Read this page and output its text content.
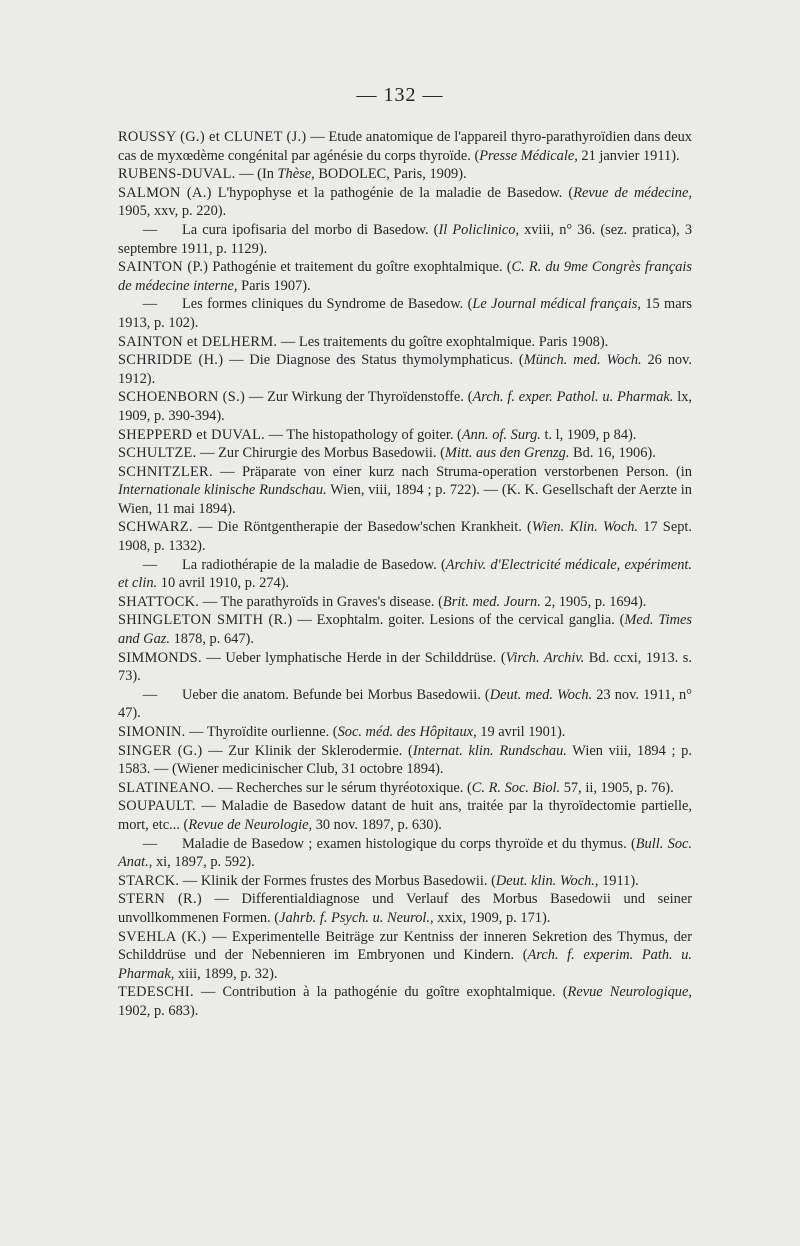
— 132 —

ROUSSY (G.) et CLUNET (J.) — Etude anatomique de l'appareil thyro-parathyroïdien dans deux cas de myxœdème congénital par agénésie du corps thyroïde. (Presse Médicale, 21 janvier 1911).

RUBENS-DUVAL. — (In Thèse, BODOLEC, Paris, 1909).

SALMON (A.) L'hypophyse et la pathogénie de la maladie de Basedow. (Revue de médecine, 1905, xxv, p. 220).

— La cura ipofisaria del morbo di Basedow. (Il Policlinico, xviii, n° 36. (sez. pratica), 3 septembre 1911, p. 1129).

SAINTON (P.) Pathogénie et traitement du goître exophtalmique. (C. R. du 9me Congrès français de médecine interne, Paris 1907).

— Les formes cliniques du Syndrome de Basedow. (Le Journal médical français, 15 mars 1913, p. 102).

SAINTON et DELHERM. — Les traitements du goître exophtalmique. Paris 1908).

SCHRIDDE (H.) — Die Diagnose des Status thymolymphaticus. (Münch. med. Woch. 26 nov. 1912).

SCHOENBORN (S.) — Zur Wirkung der Thyroïdenstoffe. (Arch. f. exper. Pathol. u. Pharmak. lx, 1909, p. 390-394).

SHEPPERD et DUVAL. — The histopathology of goiter. (Ann. of. Surg. t. l, 1909, p 84).

SCHULTZE. — Zur Chirurgie des Morbus Basedowii. (Mitt. aus den Grenzg. Bd. 16, 1906).

SCHNITZLER. — Präparate von einer kurz nach Struma-operation verstorbenen Person. (in Internationale klinische Rundschau. Wien, viii, 1894 ; p. 722). — (K. K. Gesellschaft der Aerzte in Wien, 11 mai 1894).

SCHWARZ. — Die Röntgentherapie der Basedow'schen Krankheit. (Wien. Klin. Woch. 17 Sept. 1908, p. 1332).

— La radiothérapie de la maladie de Basedow. (Archiv. d'Electricité médicale, expériment. et clin. 10 avril 1910, p. 274).

SHATTOCK. — The parathyroïds in Graves's disease. (Brit. med. Journ. 2, 1905, p. 1694).

SHINGLETON SMITH (R.) — Exophtalm. goiter. Lesions of the cervical ganglia. (Med. Times and Gaz. 1878, p. 647).

SIMMONDS. — Ueber lymphatische Herde in der Schilddrüse. (Virch. Archiv. Bd. ccxi, 1913. s. 73).

— Ueber die anatom. Befunde bei Morbus Basedowii. (Deut. med. Woch. 23 nov. 1911, n° 47).

SIMONIN. — Thyroïdite ourlienne. (Soc. méd. des Hôpitaux, 19 avril 1901).

SINGER (G.) — Zur Klinik der Sklerodermie. (Internat. klin. Rundschau. Wien viii, 1894 ; p. 1583. — (Wiener medicinischer Club, 31 octobre 1894).

SLATINEANO. — Recherches sur le sérum thyréotoxique. (C. R. Soc. Biol. 57, ii, 1905, p. 76).

SOUPAULT. — Maladie de Basedow datant de huit ans, traitée par la thyroïdectomie partielle, mort, etc... (Revue de Neurologie, 30 nov. 1897, p. 630).

— Maladie de Basedow ; examen histologique du corps thyroïde et du thymus. (Bull. Soc. Anat., xi, 1897, p. 592).

STARCK. — Klinik der Formes frustes des Morbus Basedowii. (Deut. klin. Woch., 1911).

STERN (R.) — Differentialdiagnose und Verlauf des Morbus Basedowii und seiner unvollkommenen Formen. (Jahrb. f. Psych. u. Neurol., xxix, 1909, p. 171).

SVEHLA (K.) — Experimentelle Beiträge zur Kentniss der inneren Sekretion des Thymus, der Schilddrüse und der Nebennieren im Embryonen und Kindern. (Arch. f. experim. Path. u. Pharmak, xiii, 1899, p. 32).

TEDESCHI. — Contribution à la pathogénie du goître exophtalmique. (Revue Neurologique, 1902, p. 683).
